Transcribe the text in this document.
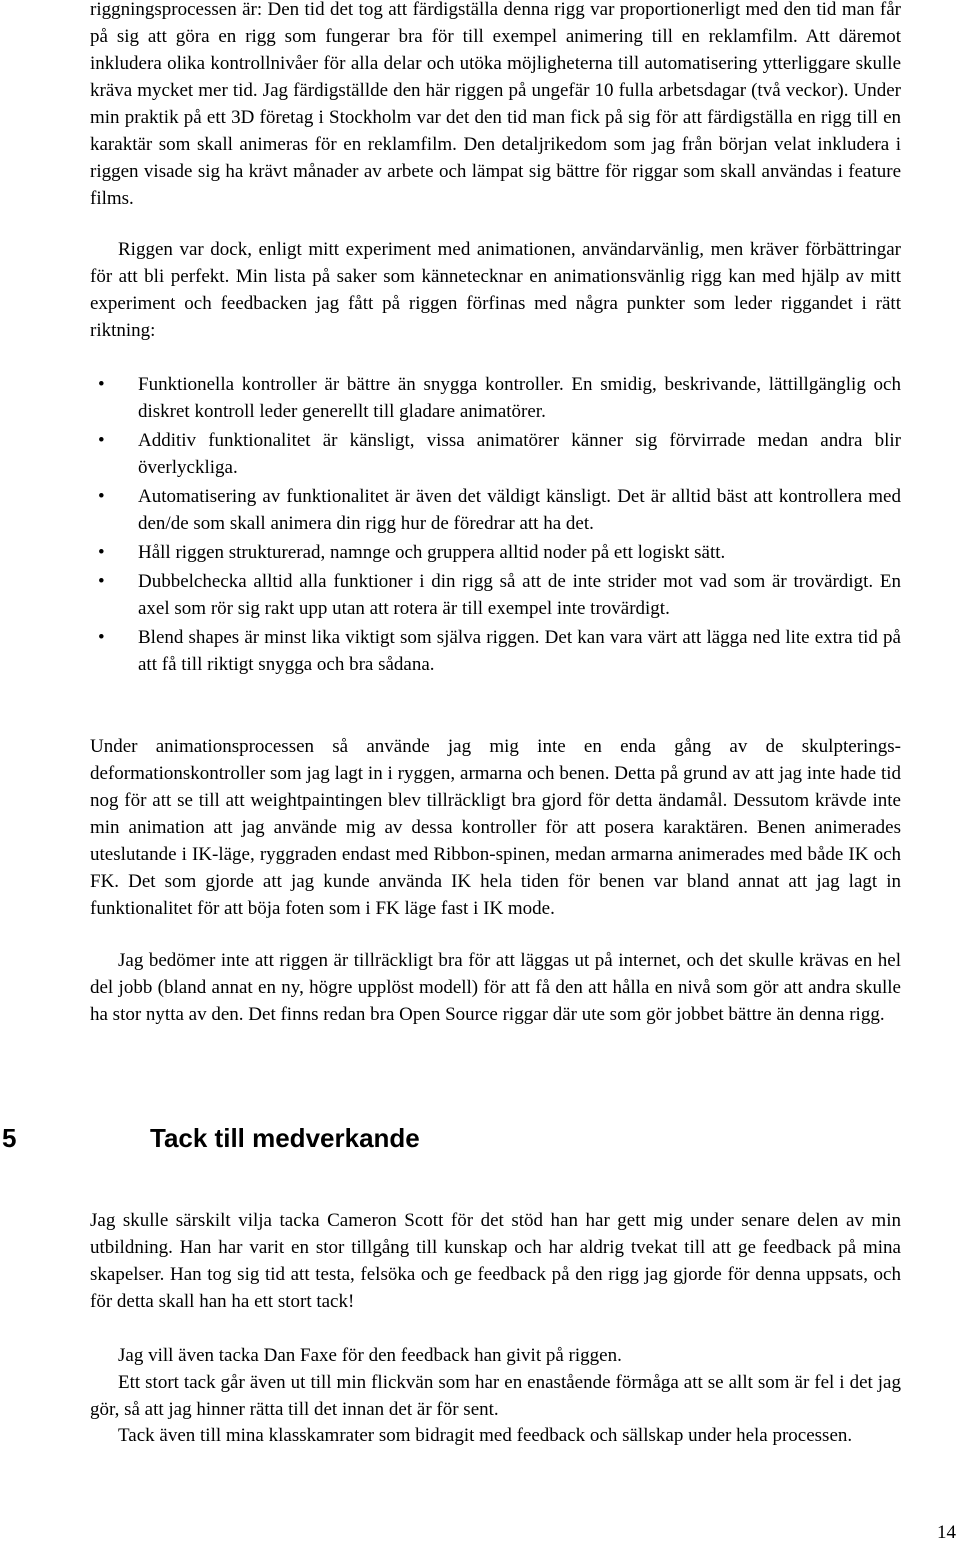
riggningsprocessen är: Den tid det tog att färdigställa denna rigg var proportionerligt med den tid man får på sig att göra en rigg som fungerar bra för till exempel animering till en reklamfilm. Att däremot inkludera olika kontrollnivåer för alla delar och utöka möjligheterna till automatisering ytterliggare skulle kräva mycket mer tid. Jag färdigställde den här riggen på ungefär 10 fulla arbetsdagar (två veckor). Under min praktik på ett 3D företag i Stockholm var det den tid man fick på sig för att färdigställa en rigg till en karaktär som skall animeras för en reklamfilm. Den detaljrikedom som jag från början velat inkludera i riggen visade sig ha krävt månader av arbete och lämpat sig bättre för riggar som skall användas i feature films.

Riggen var dock, enligt mitt experiment med animationen, användarvänlig, men kräver förbättringar för att bli perfekt. Min lista på saker som kännetecknar en animationsvänlig rigg kan med hjälp av mitt experiment och feedbacken jag fått på riggen förfinas med några punkter som leder riggandet i rätt riktning:

• Funktionella kontroller är bättre än snygga kontroller. En smidig, beskrivande, lättillgänglig och diskret kontroll leder generellt till gladare animatörer.
• Additiv funktionalitet är känsligt, vissa animatörer känner sig förvirrade medan andra blir överlyckliga.
• Automatisering av funktionalitet är även det väldigt känsligt. Det är alltid bäst att kontrollera med den/de som skall animera din rigg hur de föredrar att ha det.
• Håll riggen strukturerad, namnge och gruppera alltid noder på ett logiskt sätt.
• Dubbelchecka alltid alla funktioner i din rigg så att de inte strider mot vad som är trovärdigt. En axel som rör sig rakt upp utan att rotera är till exempel inte trovärdigt.
• Blend shapes är minst lika viktigt som själva riggen. Det kan vara värt att lägga ned lite extra tid på att få till riktigt snygga och bra sådana.

Under animationsprocessen så använde jag mig inte en enda gång av de skulpterings-deformationskontroller som jag lagt in i ryggen, armarna och benen. Detta på grund av att jag inte hade tid nog för att se till att weightpaintingen blev tillräckligt bra gjord för detta ändamål. Dessutom krävde inte min animation att jag använde mig av dessa kontroller för att posera karaktären. Benen animerades uteslutande i IK-läge, ryggraden endast med Ribbon-spinen, medan armarna animerades med både IK och FK. Det som gjorde att jag kunde använda IK hela tiden för benen var bland annat att jag lagt in funktionalitet för att böja foten som i FK läge fast i IK mode.

Jag bedömer inte att riggen är tillräckligt bra för att läggas ut på internet, och det skulle krävas en hel del jobb (bland annat en ny, högre upplöst modell) för att få den att hålla en nivå som gör att andra skulle ha stor nytta av den. Det finns redan bra Open Source riggar där ute som gör jobbet bättre än denna rigg.

5	Tack till medverkande

Jag skulle särskilt vilja tacka Cameron Scott för det stöd han har gett mig under senare delen av min utbildning. Han har varit en stor tillgång till kunskap och har aldrig tvekat till att ge feedback på mina skapelser. Han tog sig tid att testa, felsöka och ge feedback på den rigg jag gjorde för denna uppsats, och för detta skall han ha ett stort tack!

Jag vill även tacka Dan Faxe för den feedback han givit på riggen.

Ett stort tack går även ut till min flickvän som har en enastående förmåga att se allt som är fel i det jag gör, så att jag hinner rätta till det innan det är för sent.

Tack även till mina klasskamrater som bidragit med feedback och sällskap under hela processen.

14
